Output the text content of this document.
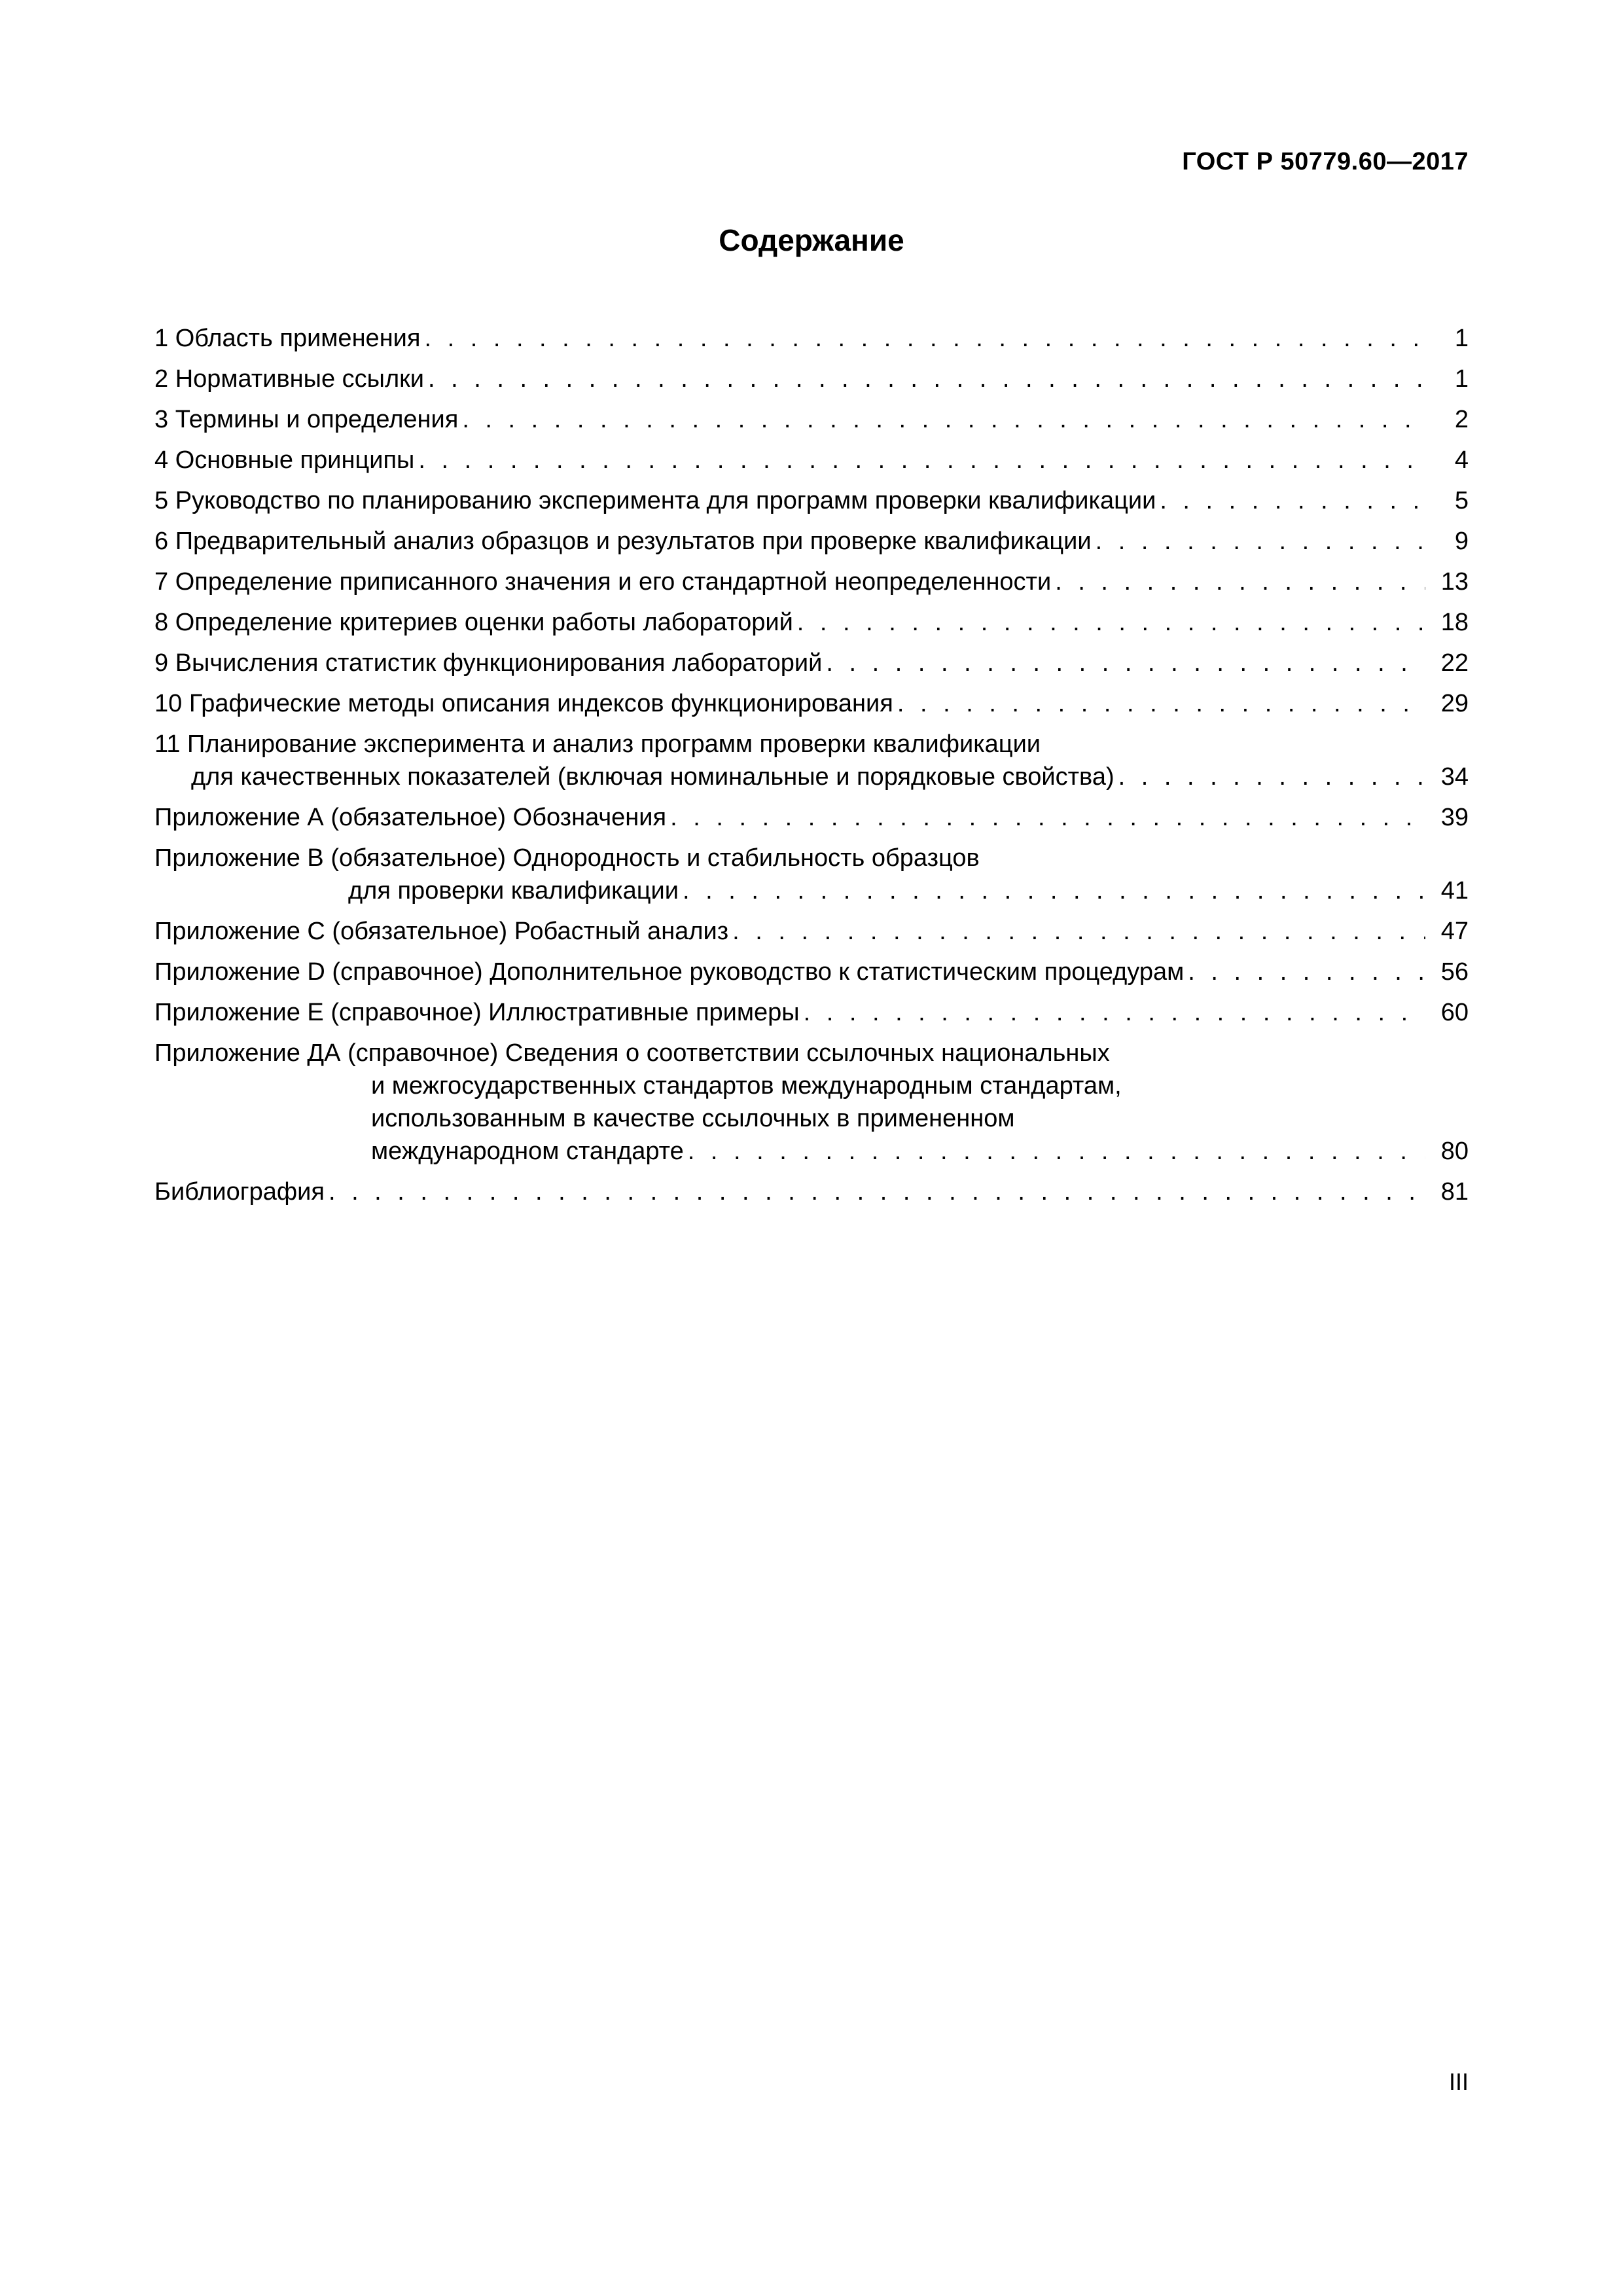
ГОСТ Р 50779.60—2017
Содержание
1 Область применения . . .	1
2 Нормативные ссылки . . .	1
3 Термины и определения . . .	2
4 Основные принципы . . .	4
5 Руководство по планированию эксперимента для программ проверки квалификации . . .	5
6 Предварительный анализ образцов и результатов при проверке квалификации . . .	9
7 Определение приписанного значения и его стандартной неопределенности . . .	13
8 Определение критериев оценки работы лабораторий . . .	18
9 Вычисления статистик функционирования лабораторий . . .	22
10 Графические методы описания индексов функционирования . . .	29
11 Планирование эксперимента и анализ программ проверки квалификации
для качественных показателей (включая номинальные и порядковые свойства) . . .	34
Приложение А (обязательное) Обозначения . . .	39
Приложение В (обязательное) Однородность и стабильность образцов
для проверки квалификации . . .	41
Приложение С (обязательное) Робастный анализ . . .	47
Приложение D (справочное) Дополнительное руководство к статистическим процедурам . . .	56
Приложение Е (справочное) Иллюстративные примеры . . .	60
Приложение ДА (справочное) Сведения о соответствии ссылочных национальных
и межгосударственных стандартов международным стандартам,
использованным в качестве ссылочных в примененном
международном стандарте . . .	80
Библиография . . .	81
III
